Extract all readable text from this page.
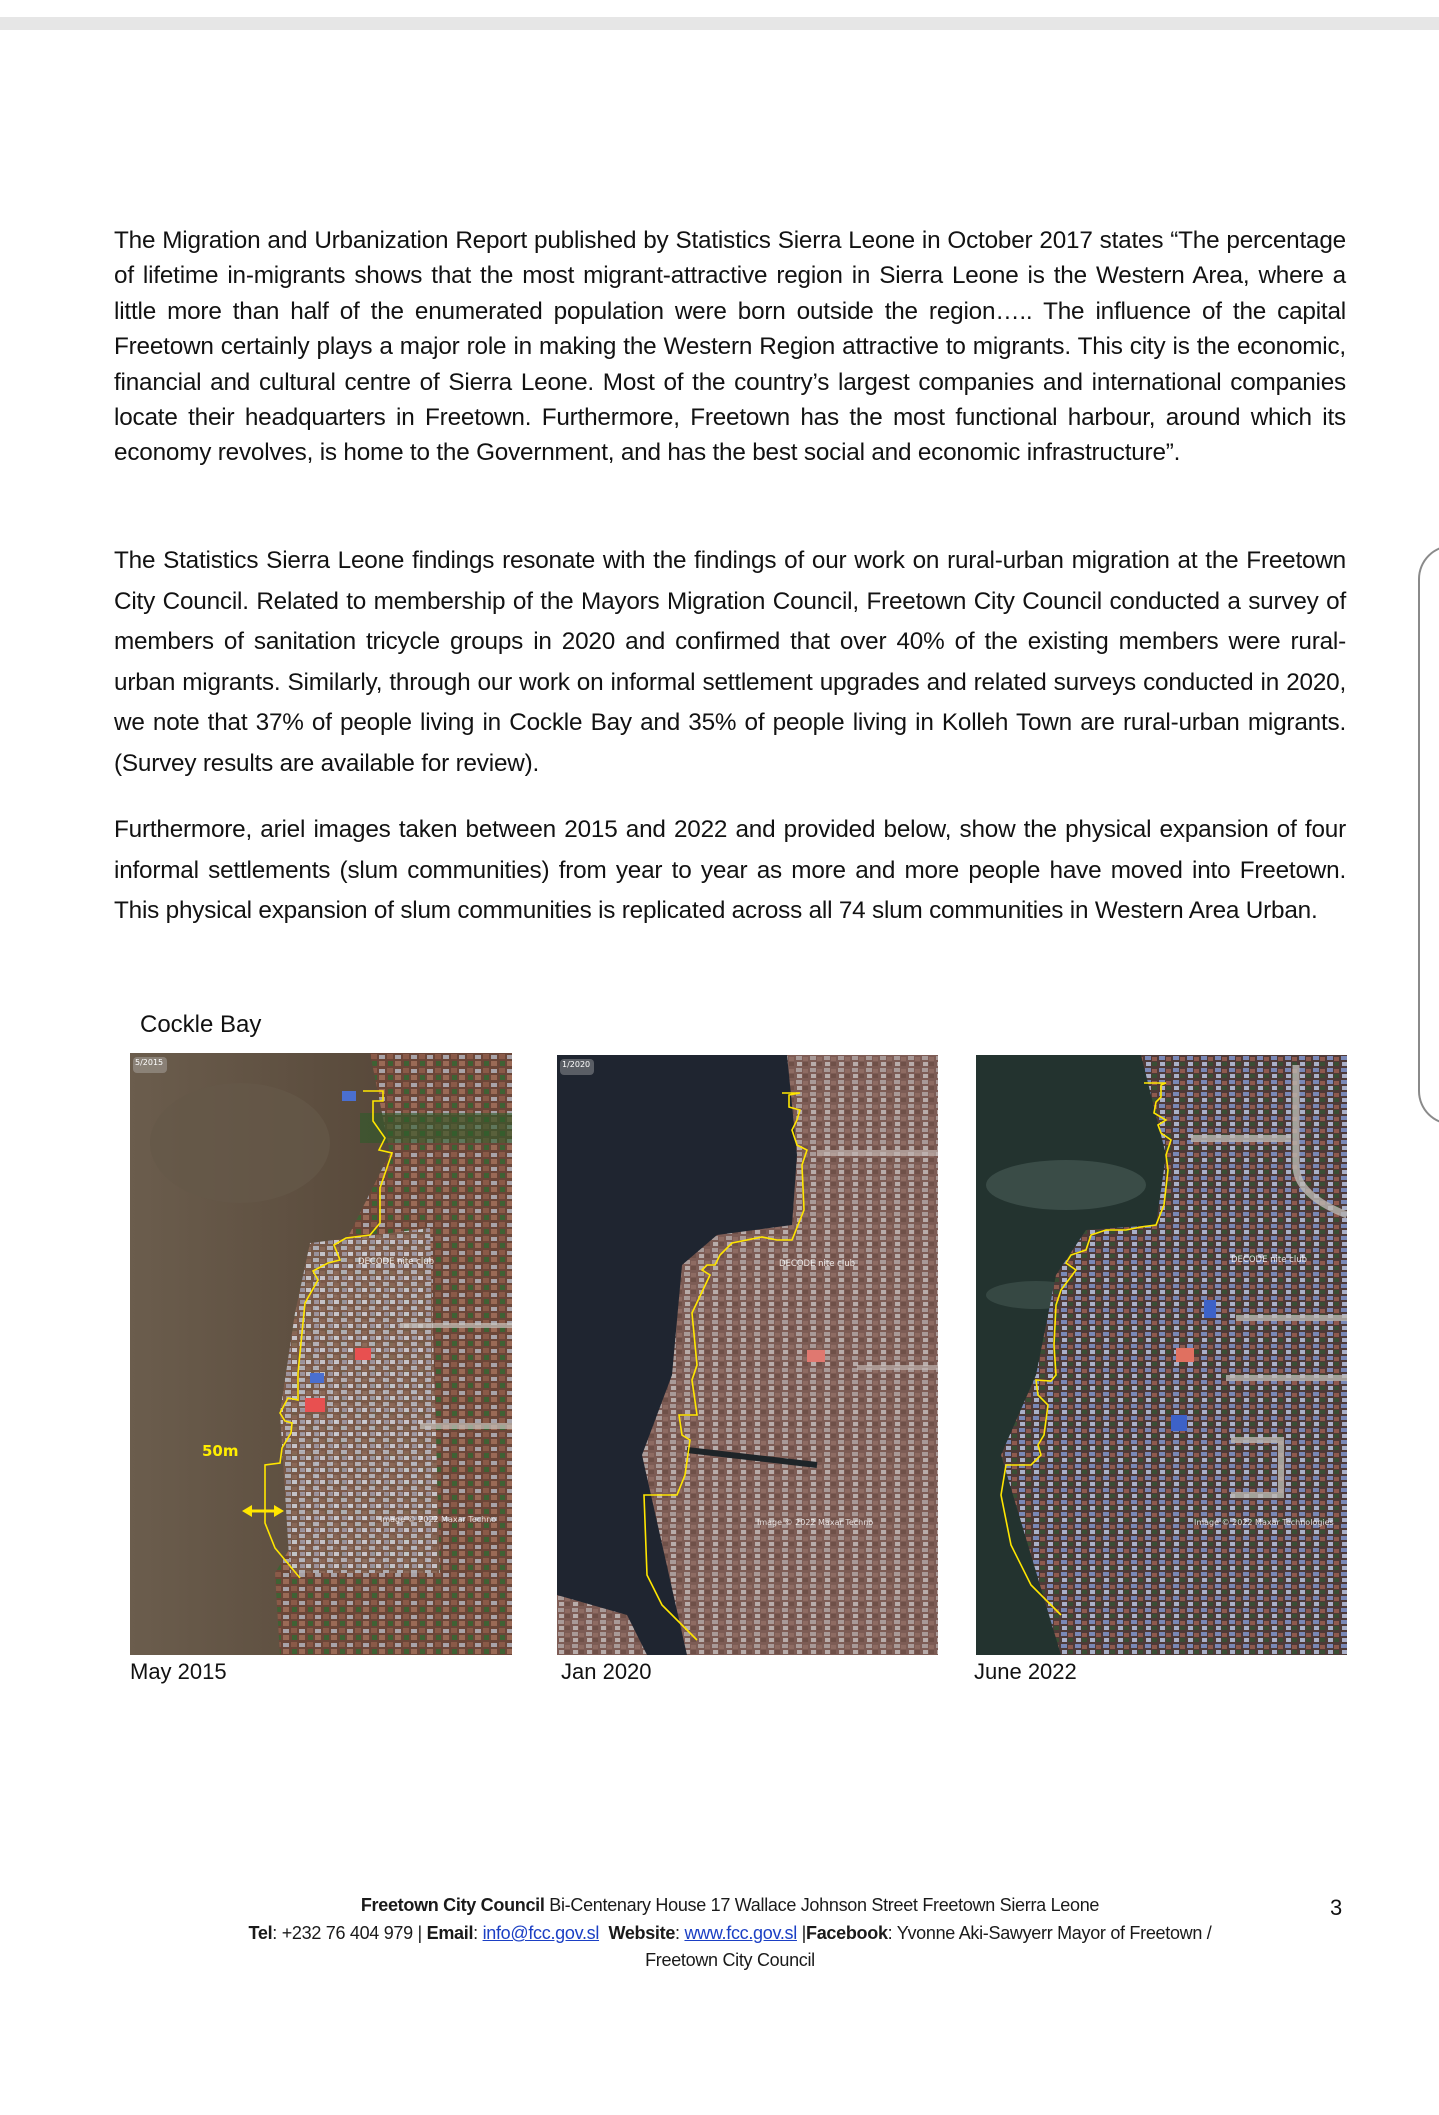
The Migration and Urbanization Report published by Statistics Sierra Leone in October 2017 states “The percentage of lifetime in-migrants shows that the most migrant-attractive region in Sierra Leone is the Western Area, where a little more than half of the enumerated population were born outside the region….. The influence of the capital Freetown certainly plays a major role in making the Western Region attractive to migrants. This city is the economic, financial and cultural centre of Sierra Leone. Most of the country’s largest companies and international companies locate their headquarters in Freetown. Furthermore, Freetown has the most functional harbour, around which its economy revolves, is home to the Government, and has the best social and economic infrastructure”.

The Statistics Sierra Leone findings resonate with the findings of our work on rural-urban migration at the Freetown City Council. Related to membership of the Mayors Migration Council, Freetown City Council conducted a survey of members of sanitation tricycle groups in 2020 and confirmed that over 40% of the existing members were rural-urban migrants. Similarly, through our work on informal settlement upgrades and related surveys conducted in 2020, we note that 37% of people living in Cockle Bay and 35% of people living in Kolleh Town are rural-urban migrants. (Survey results are available for review).

Furthermore, ariel images taken between 2015 and 2022 and provided below, show the physical expansion of four informal settlements (slum communities) from year to year as more and more people have moved into Freetown. This physical expansion of slum communities is replicated across all 74 slum communities in Western Area Urban.

Cockle Bay
5/2015
DECODE nite club
Image © 2022 Maxar Techno
50m
May 2015
1/2020
DECODE nite club
Image © 2022 Maxar Techno
Jan 2020
DECODE nite club
Image © 2022 Maxar Technologies
June 2022
Freetown City Council Bi-Centenary House 17 Wallace Johnson Street Freetown Sierra Leone
Tel: +232 76 404 979 | Email: info@fcc.gov.sl Website: www.fcc.gov.sl |Facebook: Yvonne Aki-Sawyerr Mayor of Freetown /
Freetown City Council
3
